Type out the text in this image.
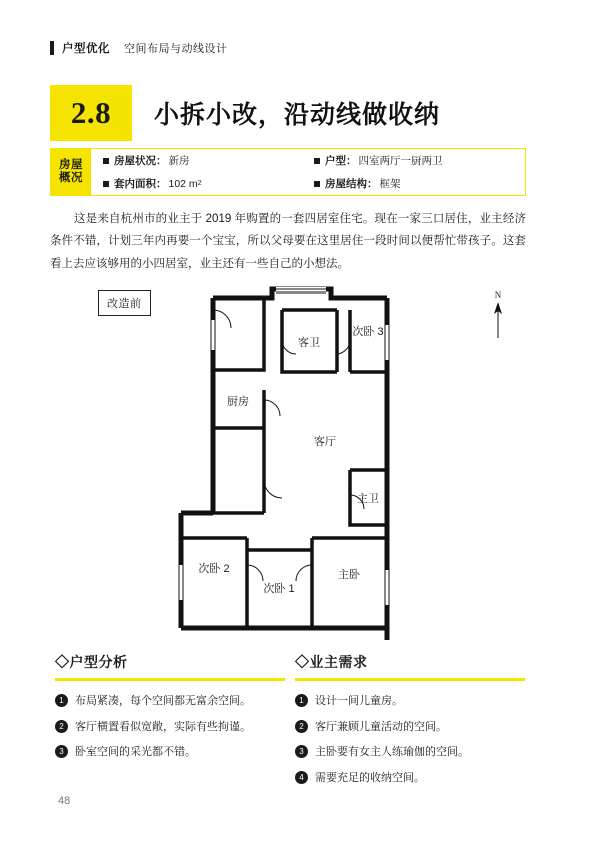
户型优化 空间布局与动线设计
2.8	小拆小改，沿动线做收纳
房屋
概况
房屋状况： 新房	户型： 四室两厅一厨两卫
套内面积： 102 m 2	房屋结构： 框架
这是来自杭州市的业主于 2019 年购置的一套四居室住宅。现在一家三口居住，业主经济条件不错，计划三年内再要一个宝宝，所以父母要在这里居住一段时间以便帮忙带孩子。这套看上去应该够用的小四居室，业主还有一些自己的小想法。
厨房
客卫
次卧 3
客厅
主卫
次卧 2
次卧 1
主卧
N
改造前
◇户型分析
1	布局紧凑，每个空间都无富余空间。
2	客厅横置看似宽敞，实际有些拘谨。
3	卧室空间的采光都不错。
◇业主需求
1	设计一间儿童房。
2	客厅兼顾儿童活动的空间。
3	主卧要有女主人练瑜伽的空间。
4	需要充足的收纳空间。
48
